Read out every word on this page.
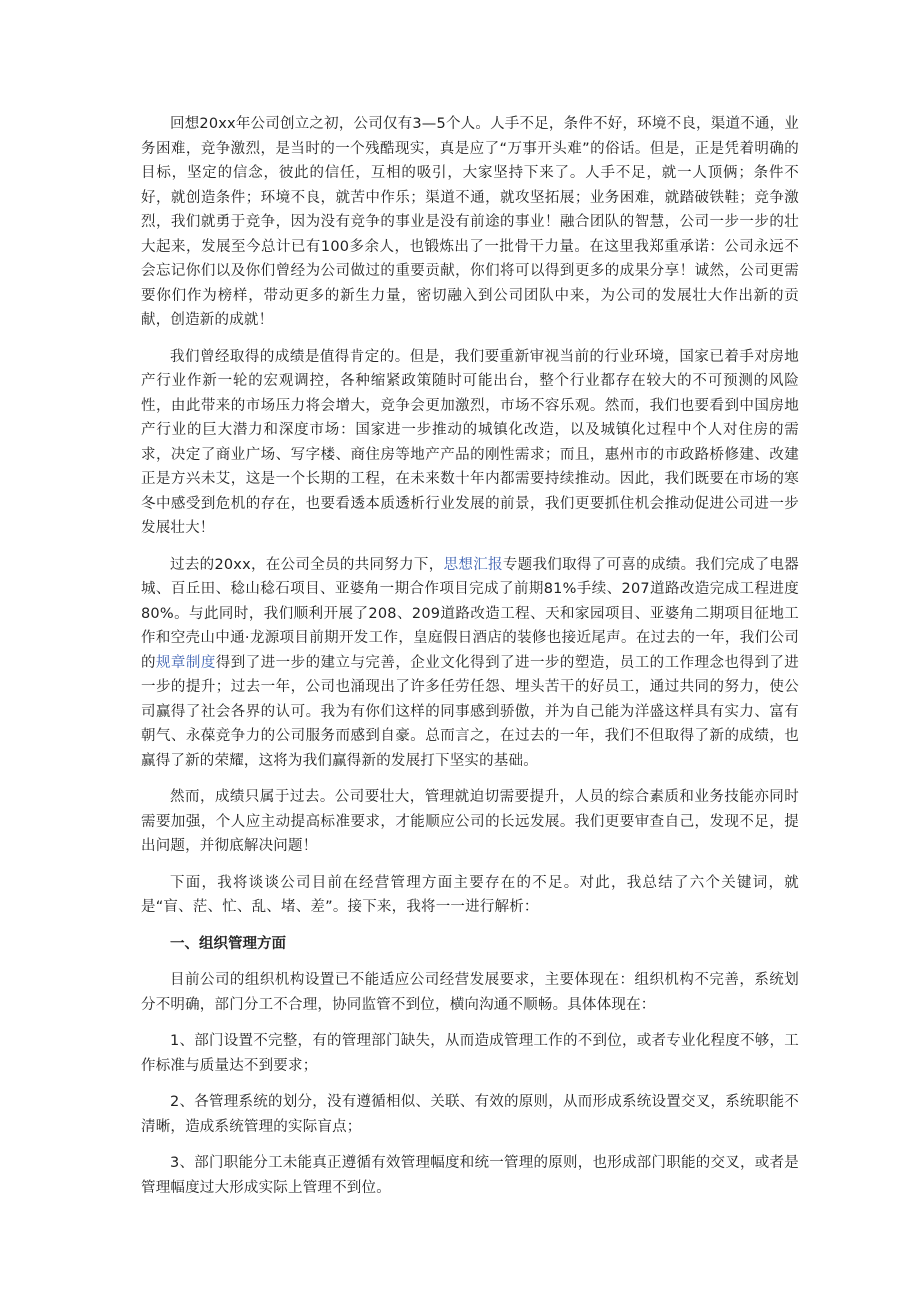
回想20xx年公司创立之初，公司仅有3—5个人。人手不足，条件不好，环境不良，渠道不通，业务困难，竞争激烈，是当时的一个残酷现实，真是应了“万事开头难”的俗话。但是，正是凭着明确的目标，坚定的信念，彼此的信任，互相的吸引，大家坚持下来了。人手不足，就一人顶俩；条件不好，就创造条件；环境不良，就苦中作乐；渠道不通，就攻坚拓展；业务困难，就踏破铁鞋；竞争激烈，我们就勇于竞争，因为没有竞争的事业是没有前途的事业！融合团队的智慧，公司一步一步的壮大起来，发展至今总计已有100多余人，也锻炼出了一批骨干力量。在这里我郑重承诺：公司永远不会忘记你们以及你们曾经为公司做过的重要贡献，你们将可以得到更多的成果分享！诚然，公司更需要你们作为榜样，带动更多的新生力量，密切融入到公司团队中来，为公司的发展壮大作出新的贡献，创造新的成就！

我们曾经取得的成绩是值得肯定的。但是，我们要重新审视当前的行业环境，国家已着手对房地产行业作新一轮的宏观调控，各种缩紧政策随时可能出台，整个行业都存在较大的不可预测的风险性，由此带来的市场压力将会增大，竞争会更加激烈，市场不容乐观。然而，我们也要看到中国房地产行业的巨大潜力和深度市场：国家进一步推动的城镇化改造，以及城镇化过程中个人对住房的需求，决定了商业广场、写字楼、商住房等地产产品的刚性需求；而且，惠州市的市政路桥修建、改建正是方兴未艾，这是一个长期的工程，在未来数十年内都需要持续推动。因此，我们既要在市场的寒冬中感受到危机的存在，也要看透本质透析行业发展的前景，我们更要抓住机会推动促进公司进一步发展壮大！

过去的20xx，在公司全员的共同努力下，思想汇报专题我们取得了可喜的成绩。我们完成了电器城、百丘田、稔山稔石项目、亚婆角一期合作项目完成了前期81%手续、207道路改造完成工程进度80%。与此同时，我们顺利开展了208、209道路改造工程、天和家园项目、亚婆角二期项目征地工作和空壳山中通·龙源项目前期开发工作，皇庭假日酒店的装修也接近尾声。在过去的一年，我们公司的规章制度得到了进一步的建立与完善，企业文化得到了进一步的塑造，员工的工作理念也得到了进一步的提升；过去一年，公司也涌现出了许多任劳任怨、埋头苦干的好员工，通过共同的努力，使公司赢得了社会各界的认可。我为有你们这样的同事感到骄傲，并为自己能为洋盛这样具有实力、富有朝气、永葆竞争力的公司服务而感到自豪。总而言之，在过去的一年，我们不但取得了新的成绩，也赢得了新的荣耀，这将为我们赢得新的发展打下坚实的基础。

然而，成绩只属于过去。公司要壮大，管理就迫切需要提升，人员的综合素质和业务技能亦同时需要加强，个人应主动提高标准要求，才能顺应公司的长远发展。我们更要审查自己，发现不足，提出问题，并彻底解决问题！

下面，我将谈谈公司目前在经营管理方面主要存在的不足。对此，我总结了六个关键词，就是“盲、茫、忙、乱、堵、差”。接下来，我将一一进行解析：

一、组织管理方面

目前公司的组织机构设置已不能适应公司经营发展要求，主要体现在：组织机构不完善，系统划分不明确，部门分工不合理，协同监管不到位，横向沟通不顺畅。具体体现在：

1、部门设置不完整，有的管理部门缺失，从而造成管理工作的不到位，或者专业化程度不够，工作标准与质量达不到要求；

2、各管理系统的划分，没有遵循相似、关联、有效的原则，从而形成系统设置交叉，系统职能不清晰，造成系统管理的实际盲点；

3、部门职能分工未能真正遵循有效管理幅度和统一管理的原则，也形成部门职能的交叉，或者是管理幅度过大形成实际上管理不到位。
